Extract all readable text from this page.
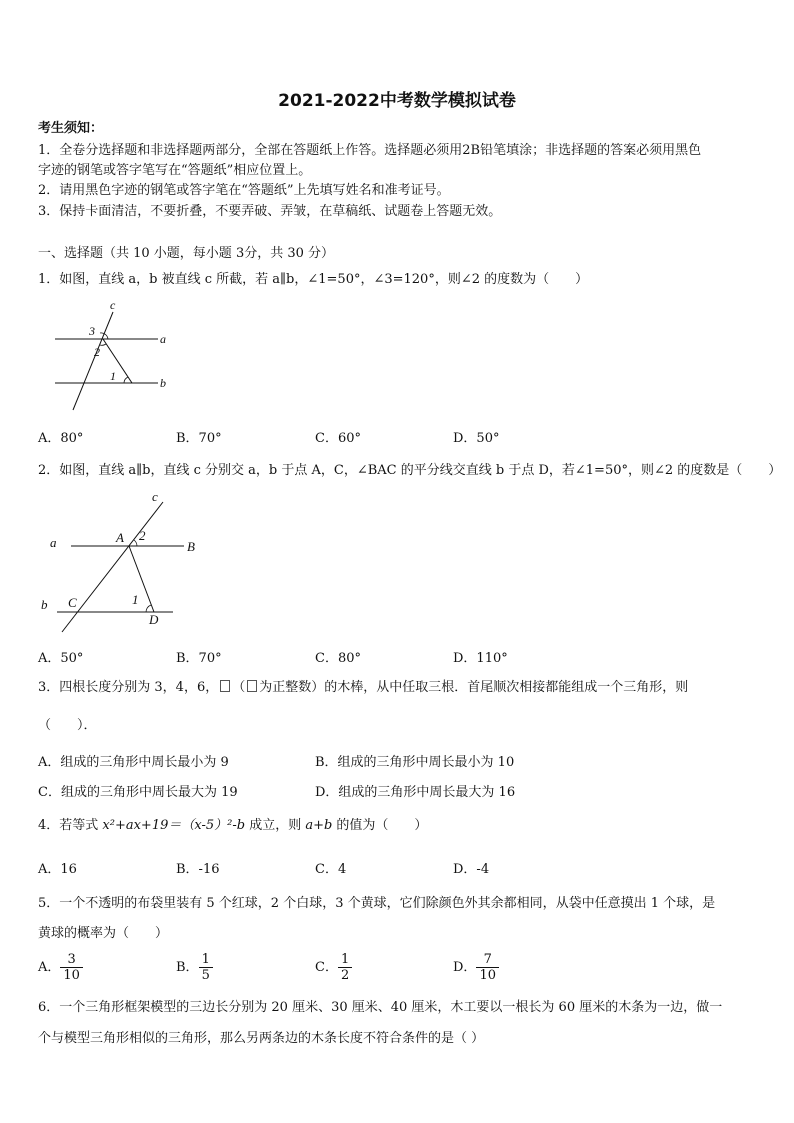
2021-2022中考数学模拟试卷
考生须知：
1．全卷分选择题和非选择题两部分，全部在答题纸上作答。选择题必须用2B铅笔填涂；非选择题的答案必须用黑色
字迹的钢笔或答字笔写在“答题纸”相应位置上。
2．请用黑色字迹的钢笔或答字笔在“答题纸”上先填写姓名和准考证号。
3．保持卡面清洁，不要折叠，不要弄破、弄皱，在草稿纸、试题卷上答题无效。
一、选择题（共 10 小题，每小题 3分，共 30 分）
1．如图，直线 a，b 被直线 c 所截，若 a∥b，∠1=50°，∠3=120°，则∠2 的度数为（　　）
c
a
b
3
2
1
A．80°	B．70°	C．60°	D．50°
2．如图，直线 a∥b，直线 c 分别交 a，b 于点 A，C，∠BAC 的平分线交直线 b 于点 D，若∠1=50°，则∠2 的度数是（　　）
c
a	A 2
B
b C	1
D
A．50°	B．70°	C．80°	D．110°
3．四根长度分别为 3，4，6， （ 为正整数）的木棒，从中任取三根．首尾顺次相接都能组成一个三角形，则
（　　）．
A．组成的三角形中周长最小为 9	B．组成的三角形中周长最小为 10
C．组成的三角形中周长最大为 19	D．组成的三角形中周长最大为 16
4．若等式 x²+ax+19＝（x-5）²-b 成立，则 a+b 的值为（　　）
A．16	B．-16	C．4	D．-4
5．一个不透明的布袋里装有 5 个红球，2 个白球，3 个黄球，它们除颜色外其余都相同，从袋中任意摸出 1 个球，是
黄球的概率为（　　）
A． $\frac{3}{10}$	B． $\frac{1}{5}$	C． $\frac{1}{2}$	D． $\frac{7}{10}$
6．一个三角形框架模型的三边长分别为 20 厘米、30 厘米、40 厘米，木工要以一根长为 60 厘米的木条为一边，做一
个与模型三角形相似的三角形，那么另两条边的木条长度不符合条件的是（ ）
